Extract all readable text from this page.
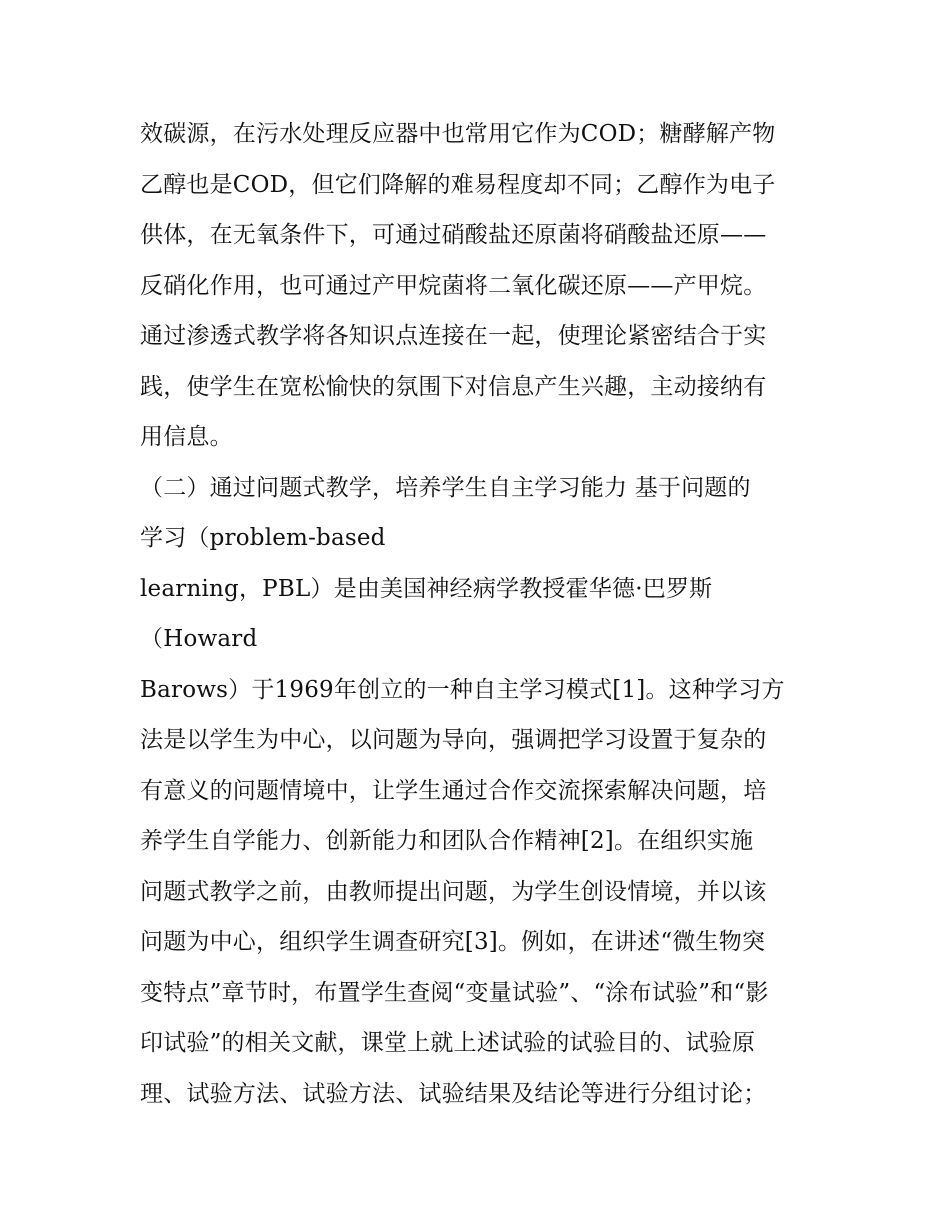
效碳源，在污水处理反应器中也常用它作为COD；糖酵解产物
乙醇也是COD，但它们降解的难易程度却不同；乙醇作为电子
供体，在无氧条件下，可通过硝酸盐还原菌将硝酸盐还原——
反硝化作用，也可通过产甲烷菌将二氧化碳还原——产甲烷。
通过渗透式教学将各知识点连接在一起，使理论紧密结合于实
践，使学生在宽松愉快的氛围下对信息产生兴趣，主动接纳有
用信息。
（二）通过问题式教学，培养学生自主学习能力 基于问题的
学习（problem-based
learning，PBL）是由美国神经病学教授霍华德·巴罗斯
（Howard
Barows）于1969年创立的一种自主学习模式[1]。这种学习方
法是以学生为中心，以问题为导向，强调把学习设置于复杂的
有意义的问题情境中，让学生通过合作交流探索解决问题，培
养学生自学能力、创新能力和团队合作精神[2]。在组织实施
问题式教学之前，由教师提出问题，为学生创设情境，并以该
问题为中心，组织学生调查研究[3]。例如，在讲述“微生物突
变特点”章节时，布置学生查阅“变量试验”、“涂布试验”和“影
印试验”的相关文献，课堂上就上述试验的试验目的、试验原
理、试验方法、试验方法、试验结果及结论等进行分组讨论；
